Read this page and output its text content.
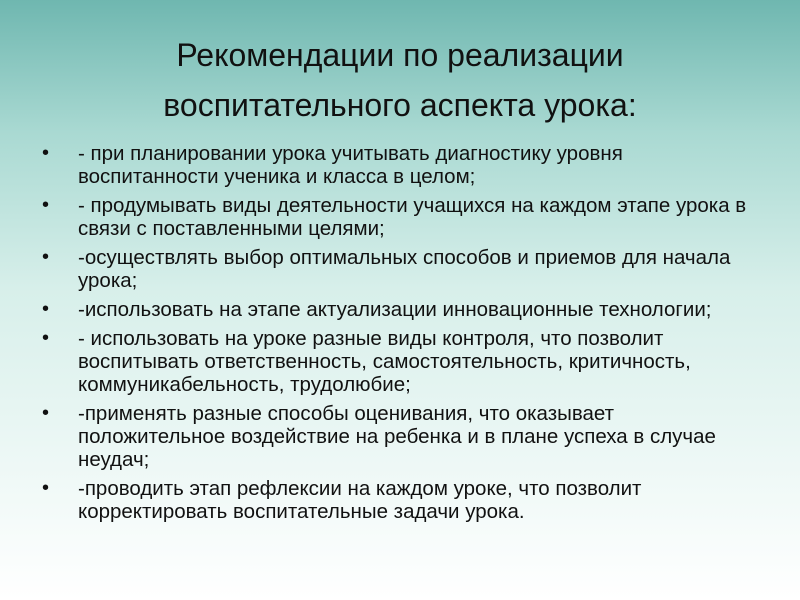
Рекомендации по реализации
воспитательного аспекта урока:
• - при планировании урока учитывать диагностику уровня воспитанности ученика и класса в целом;
• - продумывать виды деятельности учащихся на каждом этапе урока в связи с поставленными целями;
• -осуществлять выбор оптимальных способов и приемов для начала урока;
• -использовать на этапе актуализации инновационные технологии;
• - использовать на уроке разные виды контроля, что позволит воспитывать ответственность, самостоятельность, критичность, коммуникабельность, трудолюбие;
• -применять разные способы оценивания, что оказывает положительное воздействие на ребенка и в плане успеха в случае неудач;
• -проводить этап рефлексии на каждом уроке, что позволит корректировать воспитательные задачи урока.
